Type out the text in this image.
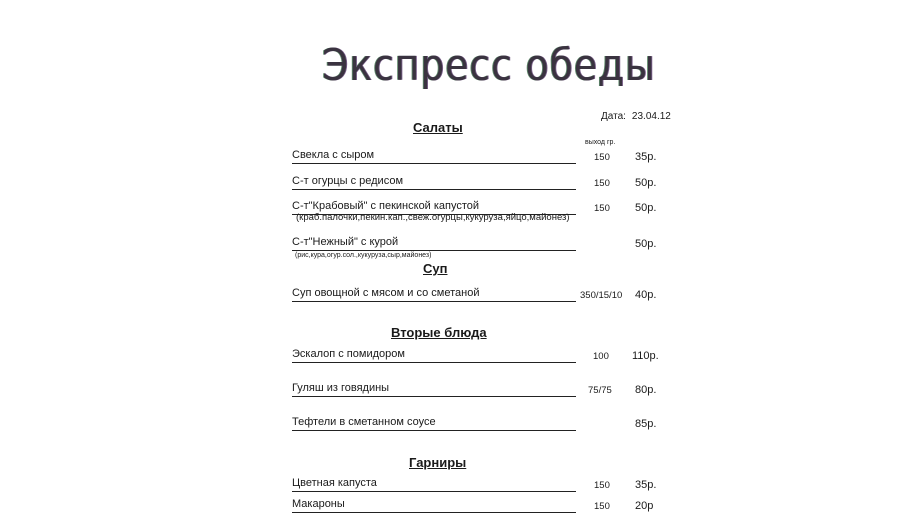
Экспресс обеды
Дата: 23.04.12
Салаты
выход гр.
Свекла с сыром	150 35р.
С-т огурцы с редисом	150 50р.
С-т"Крабовый" с пекинской капустой	150 50р.
(краб.палочки,пекин.кап.,свеж.огурцы,кукуруза,яйцо,майонез)
С-т"Нежный" с курой	50р.
(рис,кура,огур.сол.,кукуруза,сыр,майонез)
Суп
Суп овощной с мясом и со сметаной	350/15/10 40р.
Вторые блюда
Эскалоп с помидором	100 110р.
Гуляш из говядины	75/75 80р.
Тефтели в сметанном соусе	85р.
Гарниры
Цветная капуста	150 35р.
Макароны	150 20р
